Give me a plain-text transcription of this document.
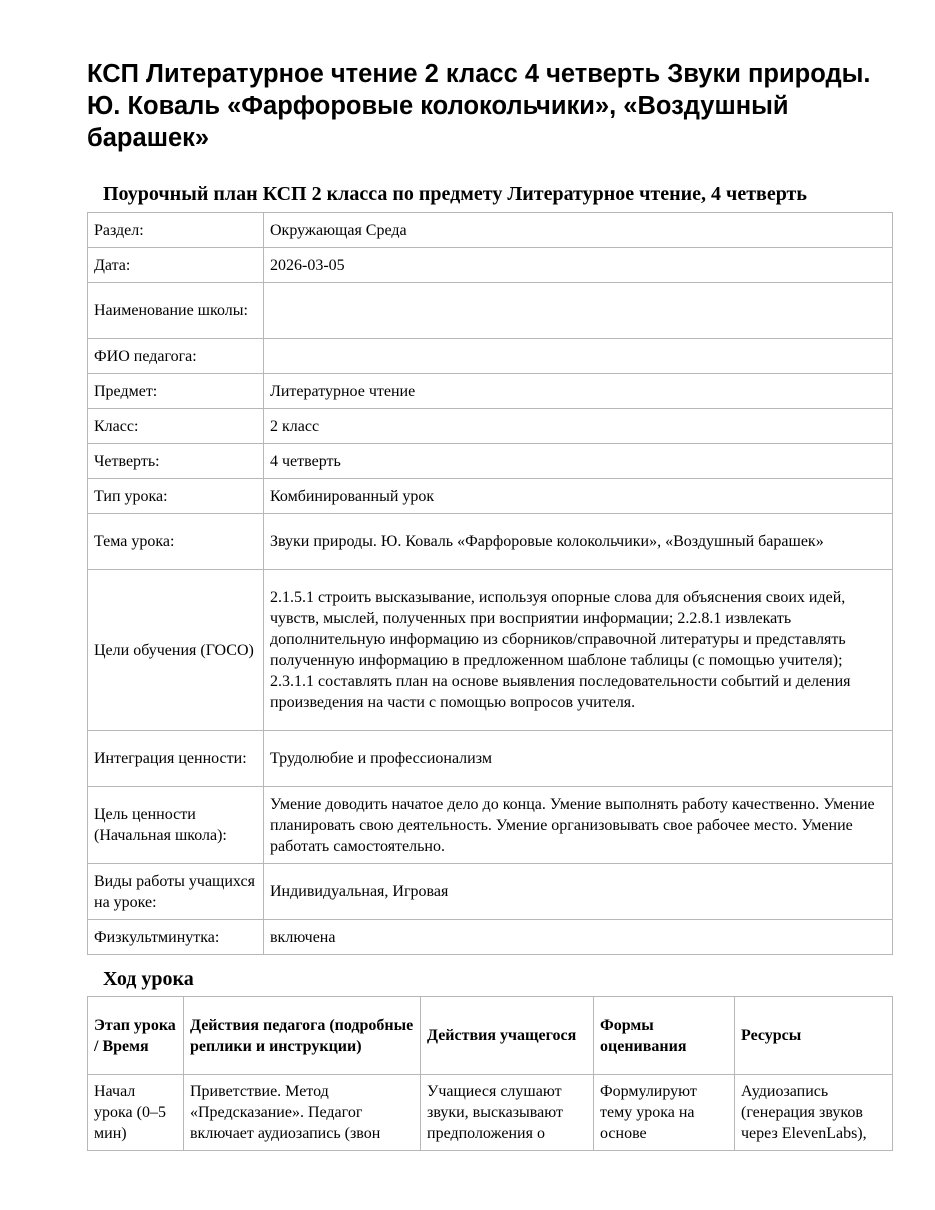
КСП Литературное чтение 2 класс 4 четверть Звуки природы. Ю. Коваль «Фарфоровые колокольчики», «Воздушный барашек»
Поурочный план КСП 2 класса по предмету Литературное чтение, 4 четверть
Раздел:	Окружающая Среда
Дата:	2026-03-05
Наименование школы:	
ФИО педагога:	
Предмет:	Литературное чтение
Класс:	2 класс
Четверть:	4 четверть
Тип урока:	Комбинированный урок
Тема урока:	Звуки природы. Ю. Коваль «Фарфоровые колокольчики», «Воздушный барашек»
Цели обучения (ГОСО)	2.1.5.1 строить высказывание, используя опорные слова для объяснения своих идей, чувств, мыслей, полученных при восприятии информации; 2.2.8.1 извлекать дополнительную информацию из сборников/справочной литературы и представлять полученную информацию в предложенном шаблоне таблицы (с помощью учителя); 2.3.1.1 составлять план на основе выявления последовательности событий и деления произведения на части с помощью вопросов учителя.
Интеграция ценности:	Трудолюбие и профессионализм
Цель ценности (Начальная школа):	Умение доводить начатое дело до конца. Умение выполнять работу качественно. Умение планировать свою деятельность. Умение организовывать свое рабочее место. Умение работать самостоятельно.
Виды работы учащихся на уроке:	Индивидуальная, Игровая
Физкультминутка:	включена
Ход урока
Этап урока / Время	Действия педагога (подробные реплики и инструкции)	Действия учащегося	Формы оценивания	Ресурсы
Начал урока (0–5 мин)	Приветствие. Метод «Предсказание». Педагог включает аудиозапись (звон	Учащиеся слушают звуки, высказывают предположения о	Формулируют тему урока на основе	Аудиозапись (генерация звуков через ElevenLabs),
